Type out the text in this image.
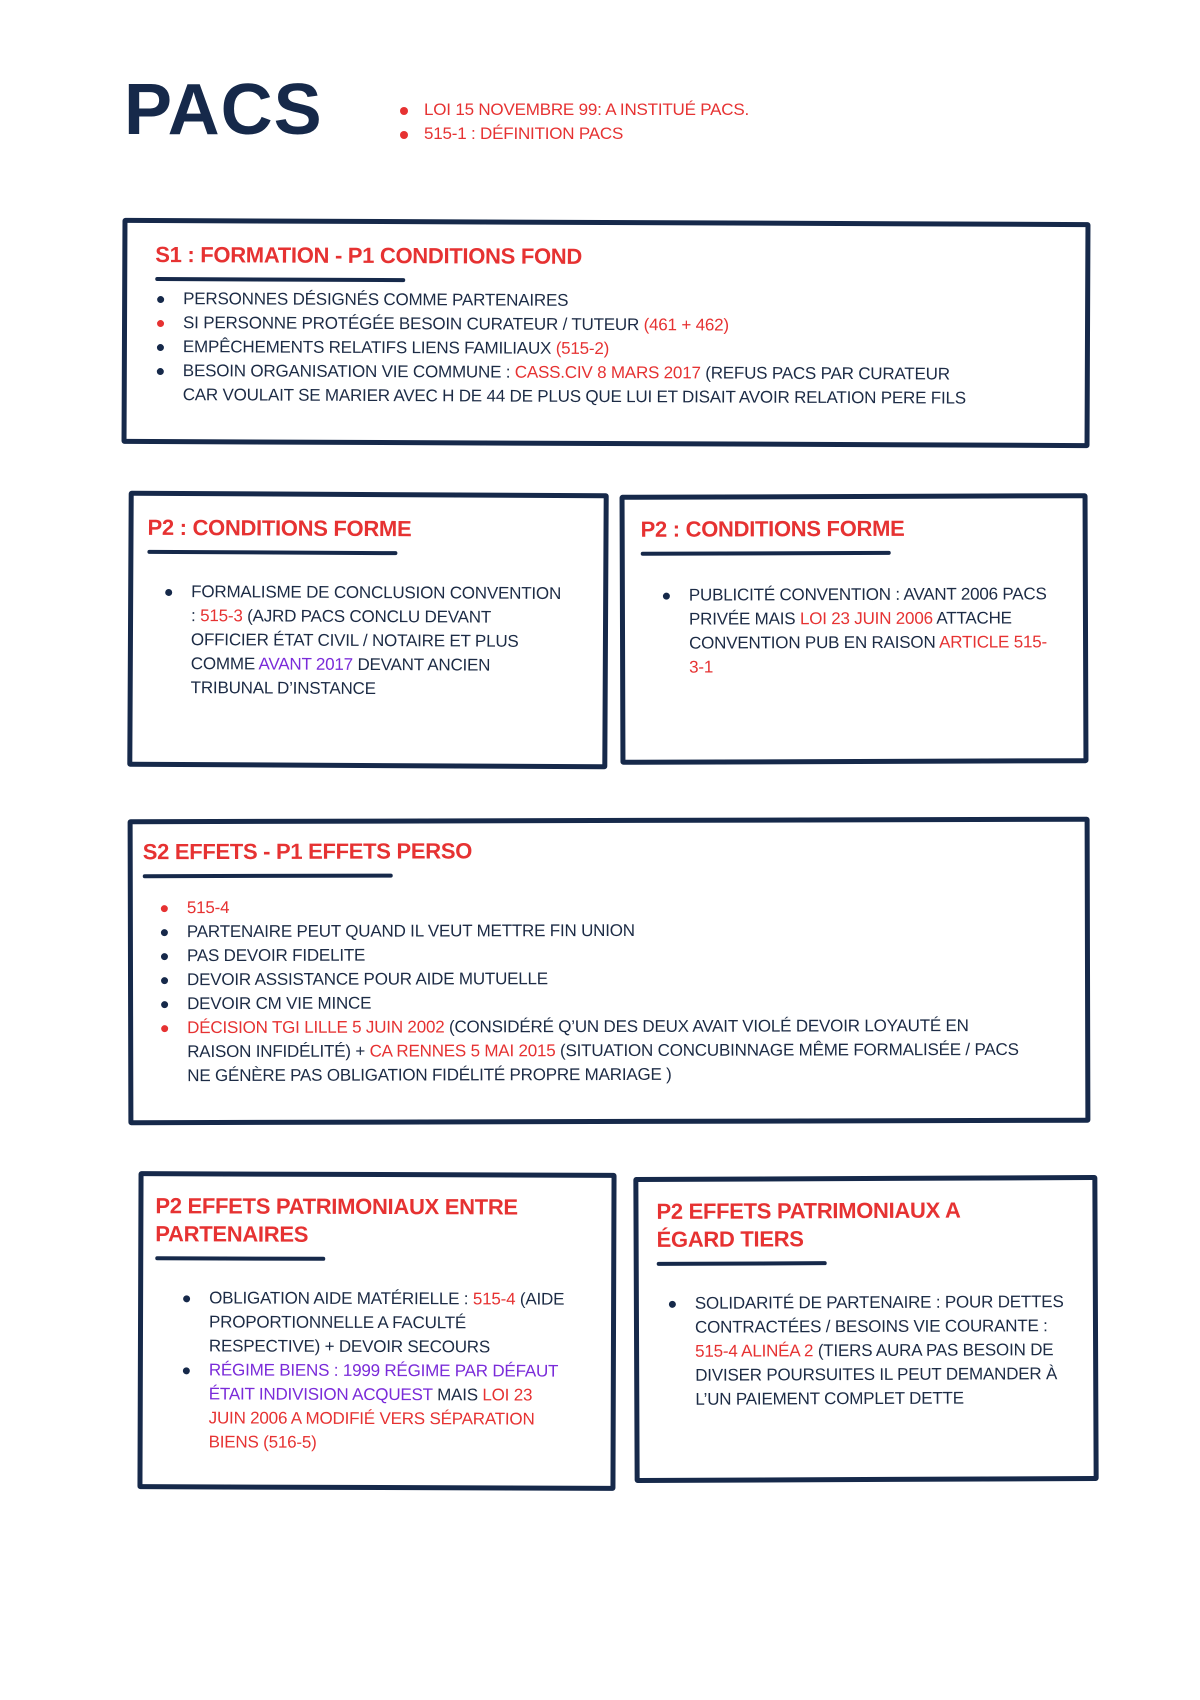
PACS	LOI 15 NOVEMBRE 99: A INSTITUÉ PACS.
515-1 : DÉFINITION PACS
S1 : FORMATION - P1 CONDITIONS FOND
PERSONNES DÉSIGNÉS COMME PARTENAIRES
SI PERSONNE PROTÉGÉE BESOIN CURATEUR / TUTEUR (461 + 462)
EMPÊCHEMENTS RELATIFS LIENS FAMILIAUX (515-2)
BESOIN ORGANISATION VIE COMMUNE : CASS.CIV 8 MARS 2017 (REFUS PACS PAR CURATEUR CAR VOULAIT SE MARIER AVEC H DE 44 DE PLUS QUE LUI ET DISAIT AVOIR RELATION PERE FILS
P2 : CONDITIONS FORME
FORMALISME DE CONCLUSION CONVENTION : 515-3 (AJRD PACS CONCLU DEVANT OFFICIER ÉTAT CIVIL / NOTAIRE ET PLUS COMME AVANT 2017 DEVANT ANCIEN TRIBUNAL D’INSTANCE
P2 : CONDITIONS FORME
PUBLICITÉ CONVENTION : AVANT 2006 PACS PRIVÉE MAIS LOI 23 JUIN 2006 ATTACHE CONVENTION PUB EN RAISON ARTICLE 515-3-1
S2 EFFETS - P1 EFFETS PERSO
515-4
PARTENAIRE PEUT QUAND IL VEUT METTRE FIN UNION
PAS DEVOIR FIDELITE
DEVOIR ASSISTANCE POUR AIDE MUTUELLE
DEVOIR CM VIE MINCE
DÉCISION TGI LILLE 5 JUIN 2002 (CONSIDÉRÉ Q’UN DES DEUX AVAIT VIOLÉ DEVOIR LOYAUTÉ EN RAISON INFIDÉLITÉ) + CA RENNES 5 MAI 2015 (SITUATION CONCUBINNAGE MÊME FORMALISÉE / PACS NE GÉNÈRE PAS OBLIGATION FIDÉLITÉ PROPRE MARIAGE )
P2 EFFETS PATRIMONIAUX ENTRE PARTENAIRES
OBLIGATION AIDE MATÉRIELLE : 515-4 (AIDE PROPORTIONNELLE A FACULTÉ RESPECTIVE) + DEVOIR SECOURS
RÉGIME BIENS : 1999 RÉGIME PAR DÉFAUT ÉTAIT INDIVISION ACQUEST MAIS LOI 23 JUIN 2006 A MODIFIÉ VERS SÉPARATION BIENS (516-5)
P2 EFFETS PATRIMONIAUX A ÉGARD TIERS
SOLIDARITÉ DE PARTENAIRE : POUR DETTES CONTRACTÉES / BESOINS VIE COURANTE : 515-4 ALINÉA 2 (TIERS AURA PAS BESOIN DE DIVISER POURSUITES IL PEUT DEMANDER À L’UN PAIEMENT COMPLET DETTE
